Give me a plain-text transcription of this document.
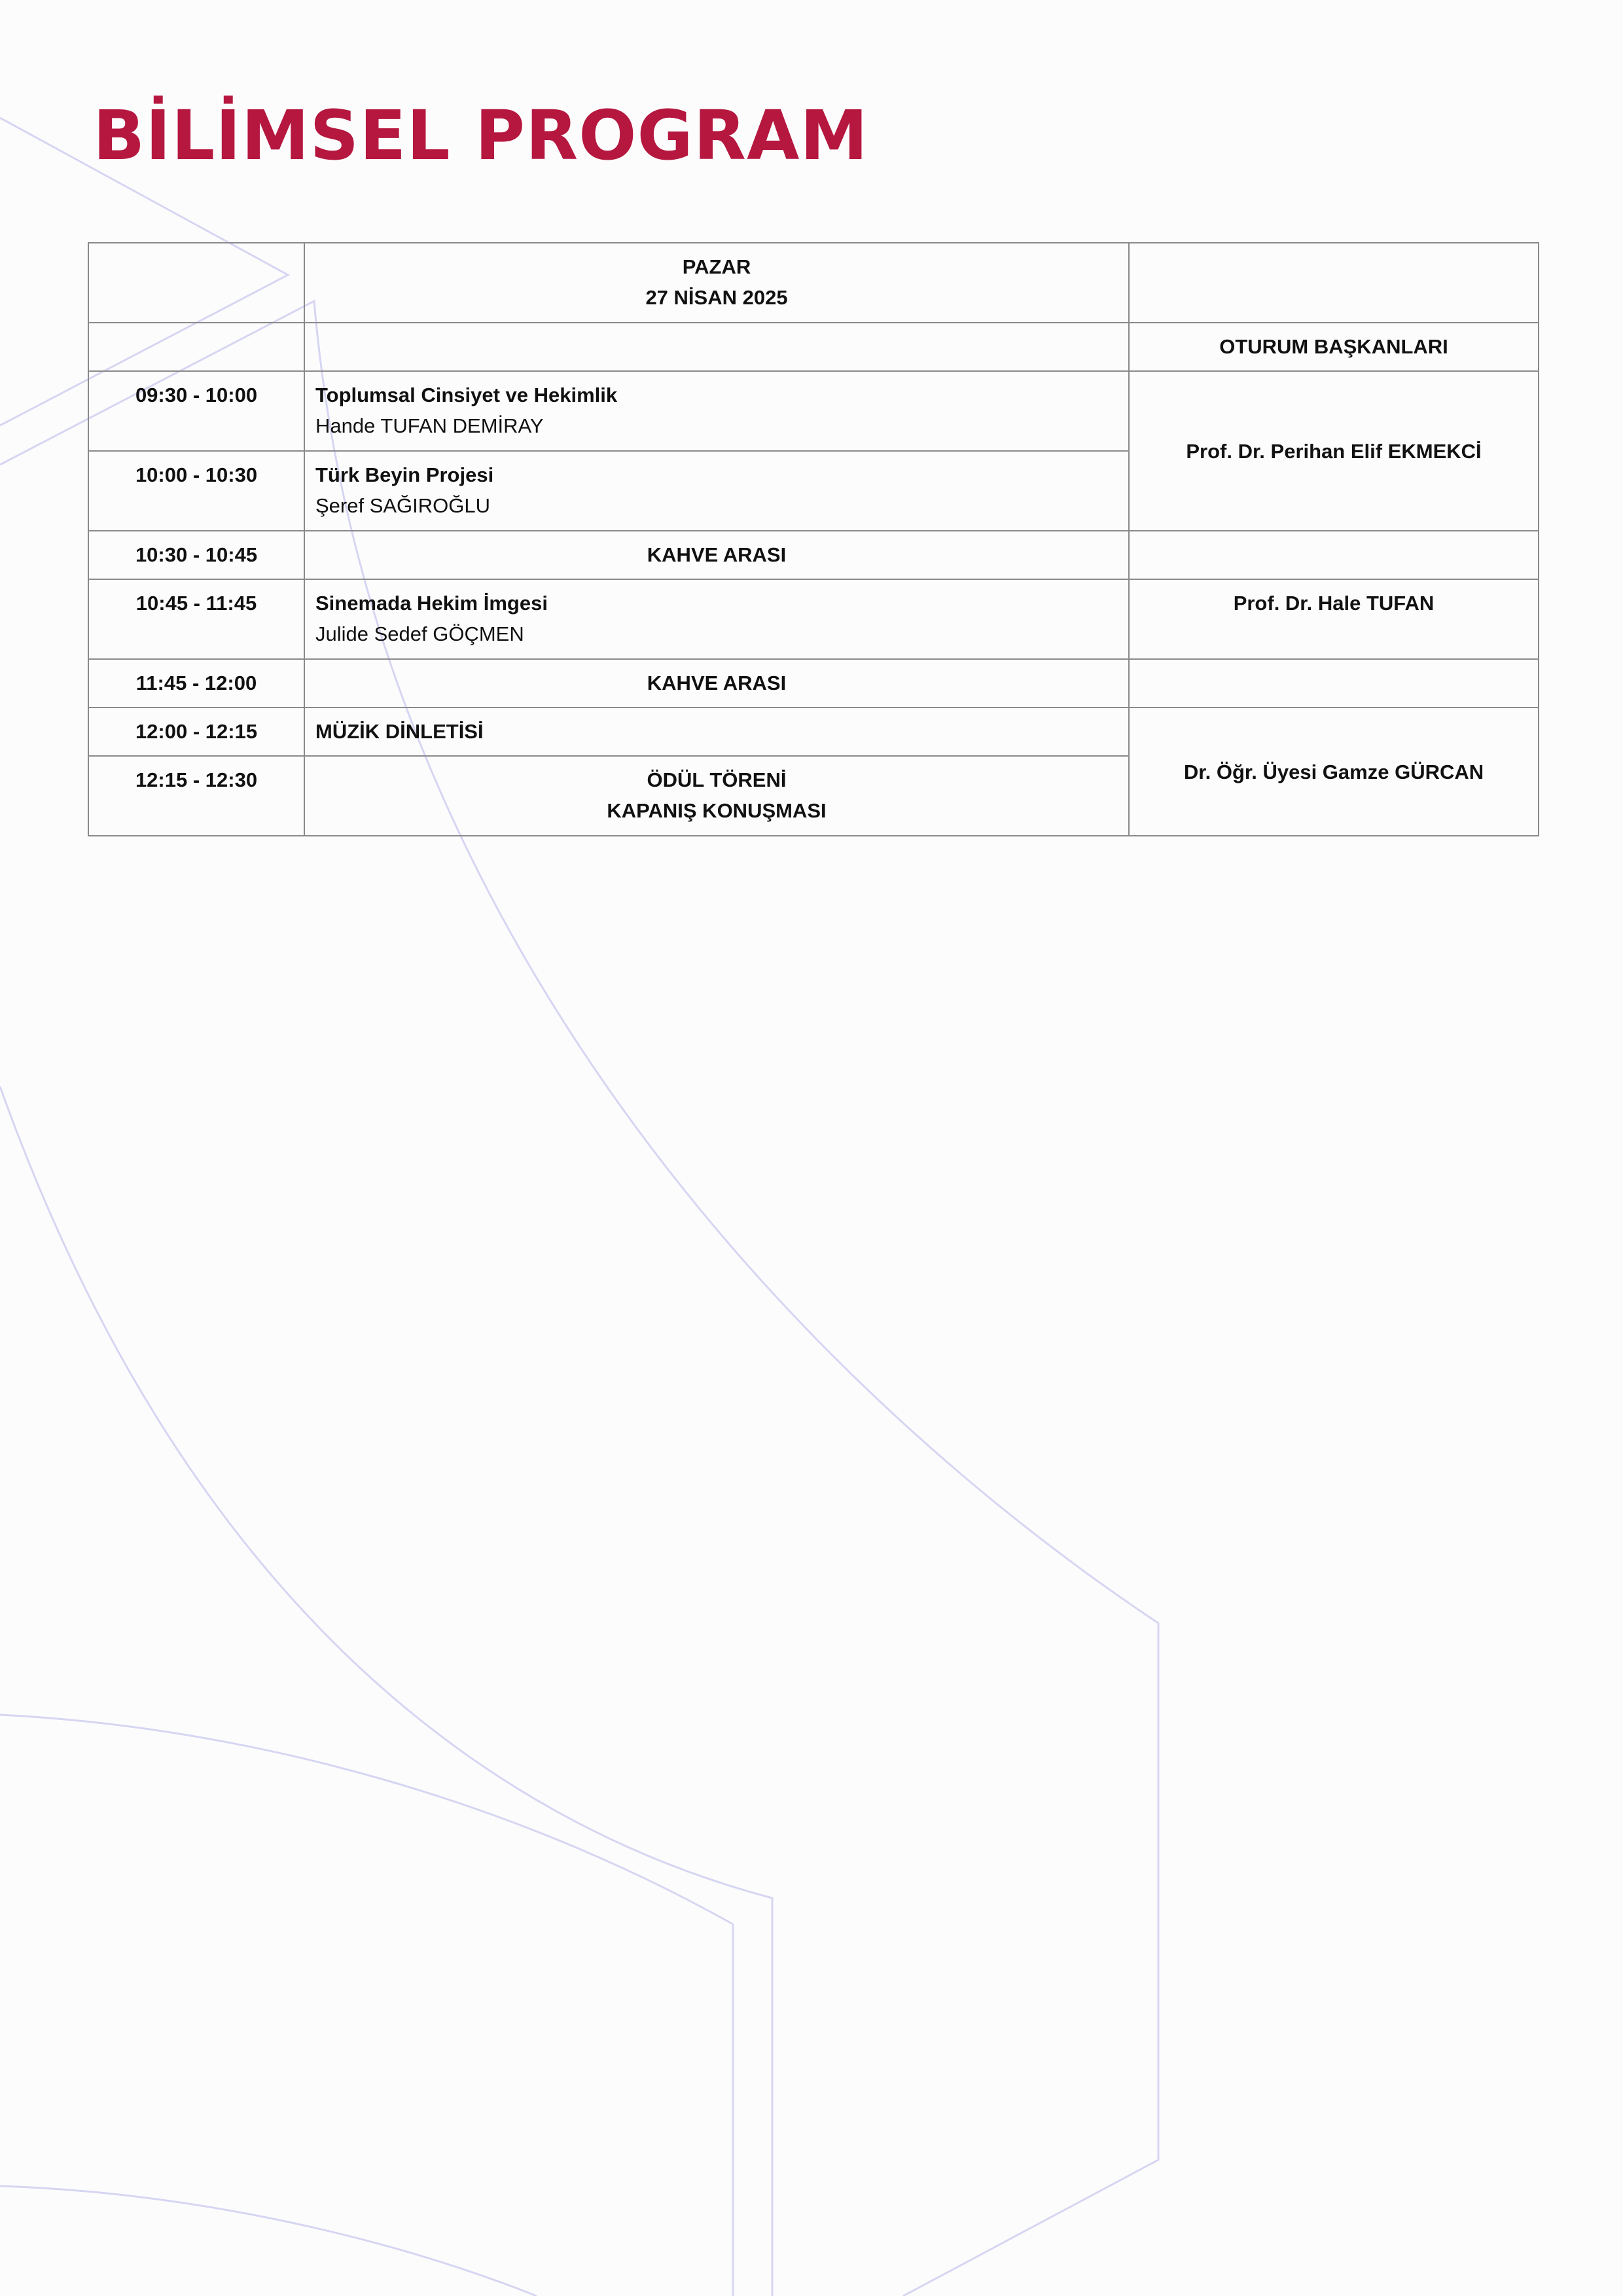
BİLİMSEL PROGRAM

	PAZAR
27 NİSAN 2025	

		OTURUM BAŞKANLARI
09:30 - 10:00	Toplumsal Cinsiyet ve Hekimlik
Hande TUFAN DEMİRAY	Prof. Dr. Perihan Elif EKMEKCİ
10:00 - 10:30	Türk Beyin Projesi
Şeref SAĞIROĞLU	

10:30 - 10:45	KAHVE ARASI	
10:45 - 11:45	Sinemada Hekim İmgesi
Julide Sedef GÖÇMEN	Prof. Dr. Hale TUFAN
11:45 - 12:00	KAHVE ARASI	
12:00 - 12:15	MÜZİK DİNLETİSİ	Dr. Öğr. Üyesi Gamze GÜRCAN
12:15 - 12:30	ÖDÜL TÖRENİ
KAPANIŞ KONUŞMASI	
